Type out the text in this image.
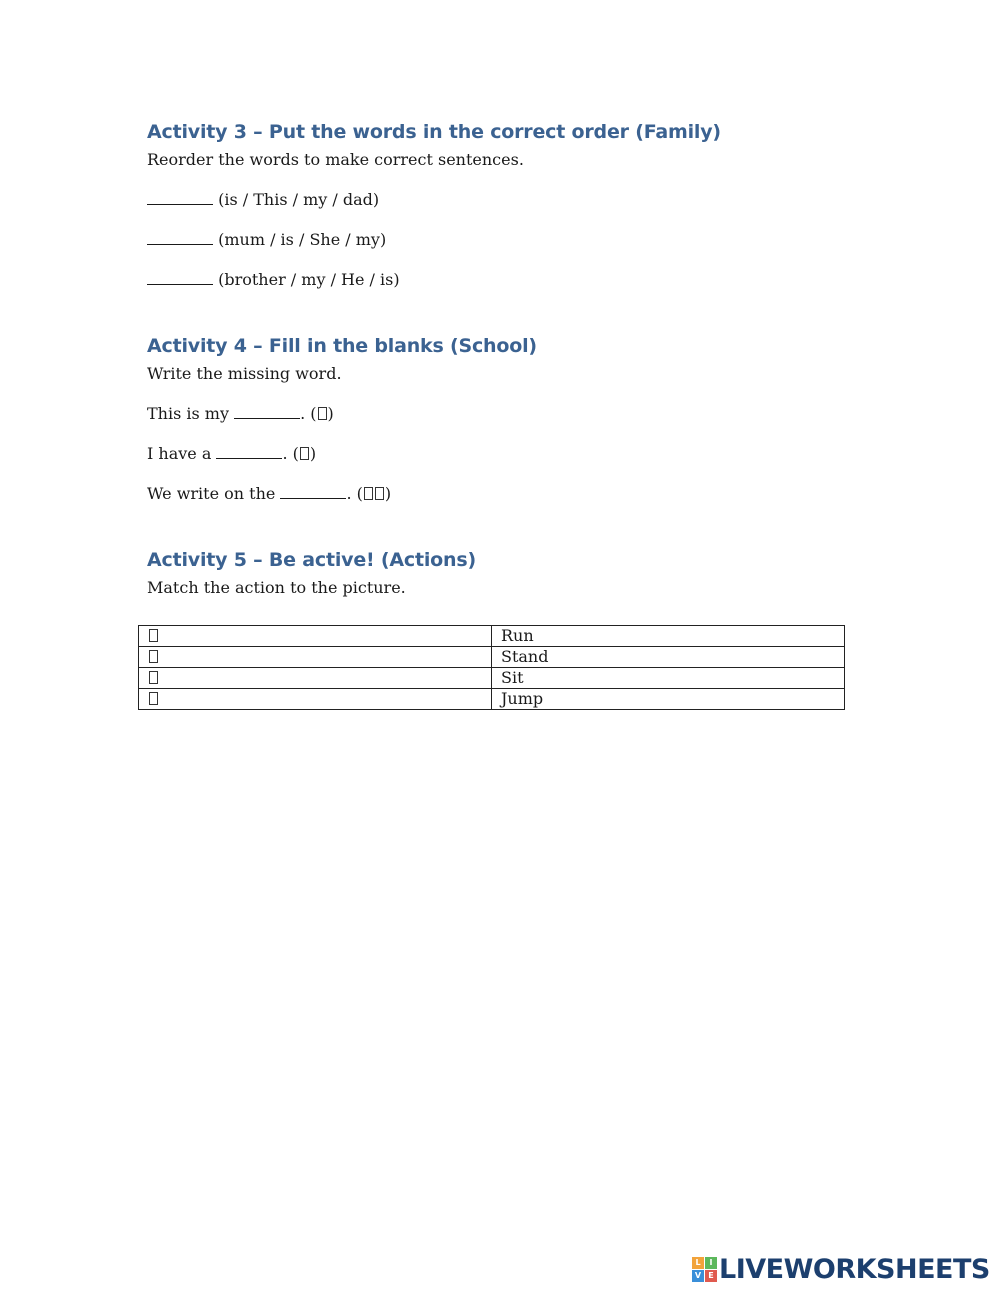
Activity 3 – Put the words in the correct order (Family)

Reorder the words to make correct sentences.

(is / This / my / dad)

(mum / is / She / my)

(brother / my / He / is)

Activity 4 – Fill in the blanks (School)

Write the missing word.

This is my	. ( )

I have a	. ( )

We write on the	. ( )

Activity 5 – Be active! (Actions)

Match the action to the picture.

	Run
	Stand
	Sit
	Jump
L	I
V E LIVEWORKSHEETS
